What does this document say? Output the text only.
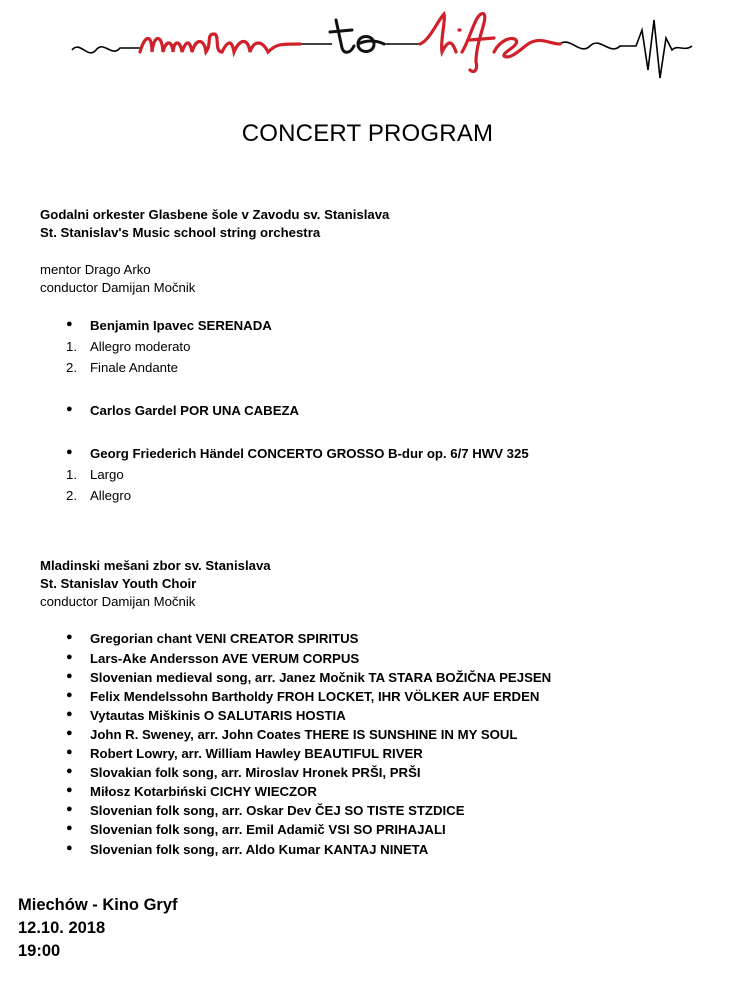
CONCERT PROGRAM
Godalni orkester Glasbene šole v Zavodu sv. Stanislava
St. Stanislav's Music school string orchestra
mentor Drago Arko
conductor Damijan Močnik
●	Benjamin Ipavec SERENADA
1. Allegro moderato
2. Finale Andante
●	Carlos Gardel POR UNA CABEZA
●	Georg Friederich Händel CONCERTO GROSSO B-dur op. 6/7 HWV 325
1. Largo
2. Allegro
Mladinski mešani zbor sv. Stanislava
St. Stanislav Youth Choir
conductor Damijan Močnik
●	Gregorian chant VENI CREATOR SPIRITUS
●	Lars-Ake Andersson AVE VERUM CORPUS
●	Slovenian medieval song, arr. Janez Močnik TA STARA BOŽIČNA PEJSEN
●	Felix Mendelssohn Bartholdy FROH LOCKET, IHR VÖLKER AUF ERDEN
●	Vytautas Miškinis O SALUTARIS HOSTIA
●	John R. Sweney, arr. John Coates THERE IS SUNSHINE IN MY SOUL
●	Robert Lowry, arr. William Hawley BEAUTIFUL RIVER
●	Slovakian folk song, arr. Miroslav Hronek PRŠI, PRŠI
●	Miłosz Kotarbiński CICHY WIECZOR
●	Slovenian folk song, arr. Oskar Dev ČEJ SO TISTE STZDICE
●	Slovenian folk song, arr. Emil Adamič VSI SO PRIHAJALI
●	Slovenian folk song, arr. Aldo Kumar KANTAJ NINETA
Miechów - Kino Gryf
12.10. 2018
19:00
